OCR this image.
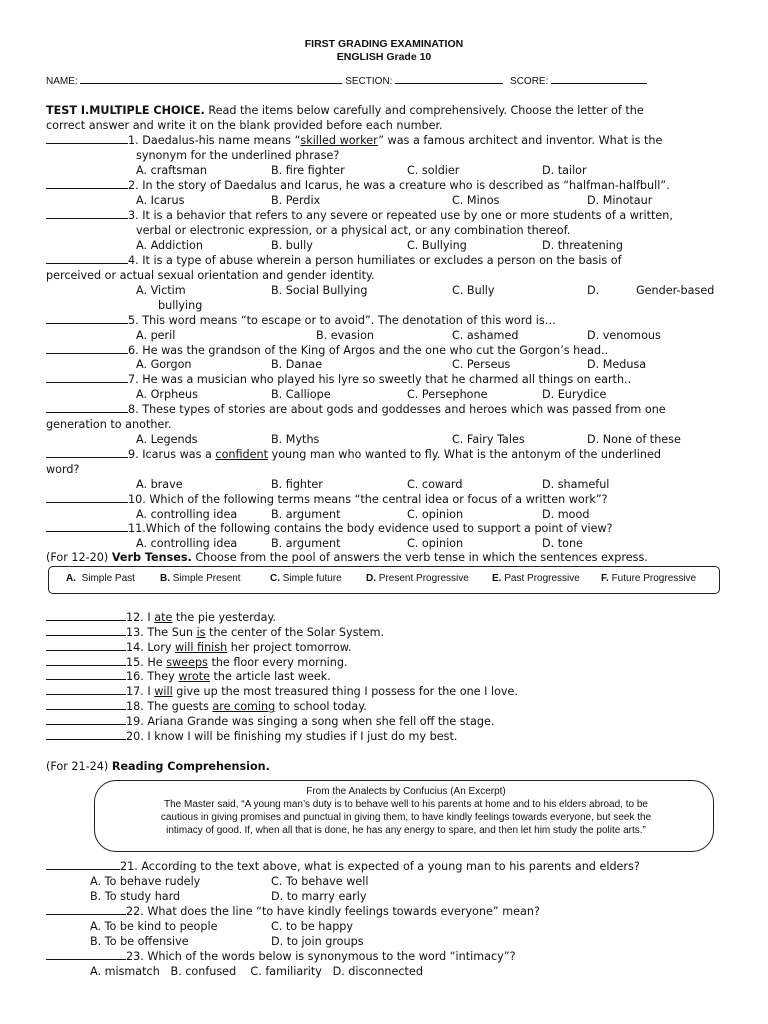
FIRST GRADING EXAMINATION
ENGLISH Grade 10
NAME:	SECTION:	SCORE:
TEST I.MULTIPLE CHOICE. Read the items below carefully and comprehensively. Choose the letter of the
correct answer and write it on the blank provided before each number.
1. Daedalus-his name means “skilled worker” was a famous architect and inventor. What is the
synonym for the underlined phrase?
A. craftsman	B. fire fighter	C. soldier	D. tailor
2. In the story of Daedalus and Icarus, he was a creature who is described as “halfman-halfbull”.
A. Icarus	B. Perdix	C. Minos	D. Minotaur
3. It is a behavior that refers to any severe or repeated use by one or more students of a written,
verbal or electronic expression, or a physical act, or any combination thereof.
A. Addiction	B. bully	C. Bullying	D. threatening
4. It is a type of abuse wherein a person humiliates or excludes a person on the basis of
perceived or actual sexual orientation and gender identity.
A. Victim	B. Social Bullying	C. Bully	D.	Gender-based
bullying
5. This word means “to escape or to avoid”. The denotation of this word is…
A. peril	B. evasion	C. ashamed	D. venomous
6. He was the grandson of the King of Argos and the one who cut the Gorgon’s head..
A. Gorgon	B. Danae	C. Perseus	D. Medusa
7. He was a musician who played his lyre so sweetly that he charmed all things on earth..
A. Orpheus	B. Calliope	C. Persephone	D. Eurydice
8. These types of stories are about gods and goddesses and heroes which was passed from one
generation to another.
A. Legends	B. Myths	C. Fairy Tales	D. None of these
9. Icarus was a confident young man who wanted to fly. What is the antonym of the underlined
word?
A. brave	B. fighter	C. coward	D. shameful
10. Which of the following terms means “the central idea or focus of a written work”?
A. controlling idea	B. argument	C. opinion	D. mood
11.Which of the following contains the body evidence used to support a point of view?
A. controlling idea	B. argument	C. opinion	D. tone
(For 12-20) Verb Tenses. Choose from the pool of answers the verb tense in which the sentences express.
A. Simple Past	B. Simple Present	C. Simple future D. Present Progressive E. Past Progressive F. Future Progressive
12. I ate the pie yesterday.
13. The Sun is the center of the Solar System.
14. Lory will finish her project tomorrow.
15. He sweeps the floor every morning.
16. They wrote the article last week.
17. I will give up the most treasured thing I possess for the one I love.
18. The guests are coming to school today.
19. Ariana Grande was singing a song when she fell off the stage.
20. I know I will be finishing my studies if I just do my best.
(For 21-24) Reading Comprehension.
From the Analects by Confucius (An Excerpt)
The Master said, “A young man’s duty is to behave well to his parents at home and to his elders abroad, to be
cautious in giving promises and punctual in giving them, to have kindly feelings towards everyone, but seek the
intimacy of good. If, when all that is done, he has any energy to spare, and then let him study the polite arts.”
21. According to the text above, what is expected of a young man to his parents and elders?
A. To behave rudely	C. To behave well
B. To study hard	D. to marry early
22. What does the line “to have kindly feelings towards everyone” mean?
A. To be kind to people	C. to be happy
B. To be offensive	D. to join groups
23. Which of the words below is synonymous to the word “intimacy”?
A. mismatch   B. confused    C. familiarity   D. disconnected
